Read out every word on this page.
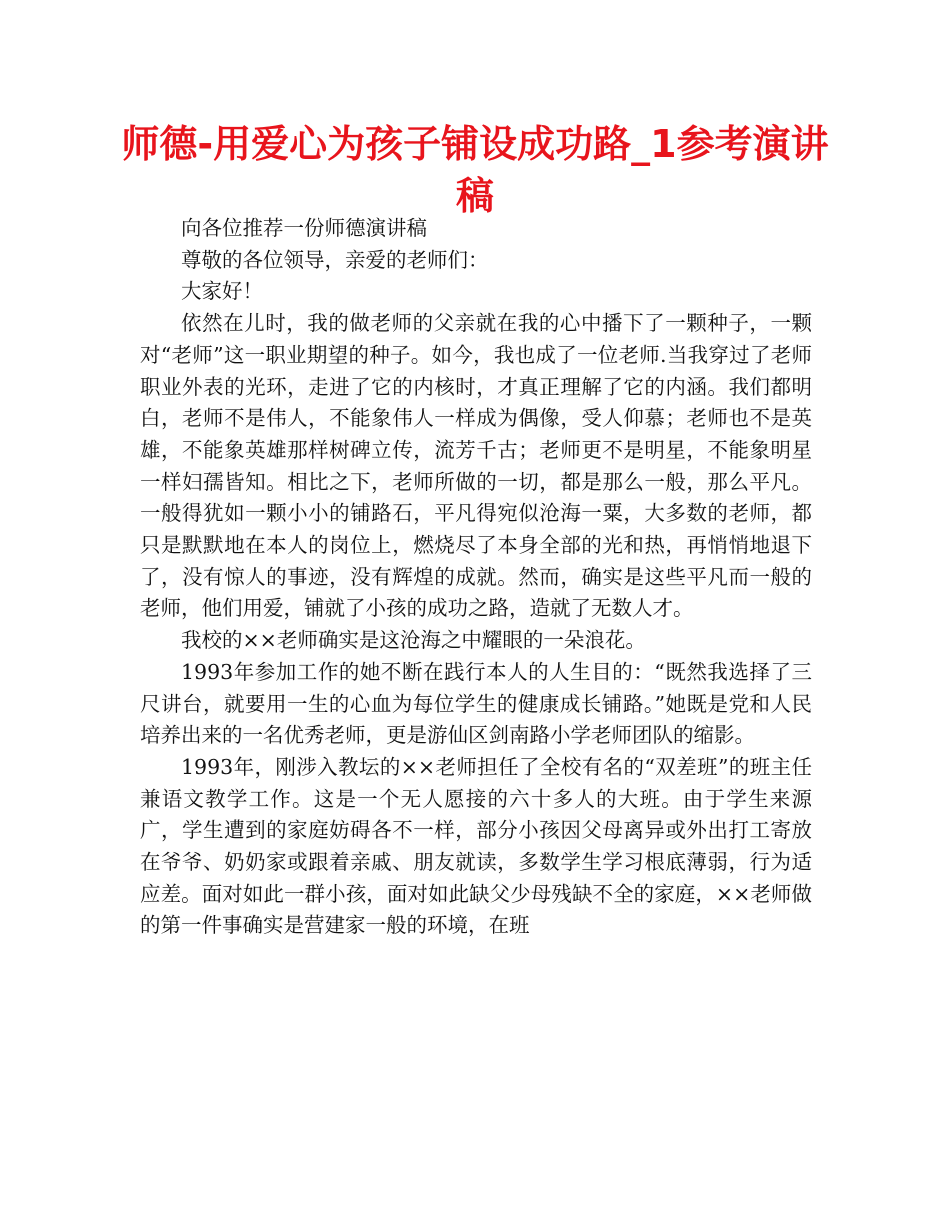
师德-用爱心为孩子铺设成功路_1参考演讲稿

向各位推荐一份师德演讲稿

尊敬的各位领导，亲爱的老师们：

大家好！

依然在儿时，我的做老师的父亲就在我的心中播下了一颗种子，一颗对“老师”这一职业期望的种子。如今，我也成了一位老师.当我穿过了老师职业外表的光环，走进了它的内核时，才真正理解了它的内涵。我们都明白，老师不是伟人，不能象伟人一样成为偶像，受人仰慕；老师也不是英雄，不能象英雄那样树碑立传，流芳千古；老师更不是明星，不能象明星一样妇孺皆知。相比之下，老师所做的一切，都是那么一般，那么平凡。一般得犹如一颗小小的铺路石，平凡得宛似沧海一粟，大多数的老师，都只是默默地在本人的岗位上，燃烧尽了本身全部的光和热，再悄悄地退下了，没有惊人的事迹，没有辉煌的成就。然而，确实是这些平凡而一般的老师，他们用爱，铺就了小孩的成功之路，造就了无数人才。

我校的××老师确实是这沧海之中耀眼的一朵浪花。

1993年参加工作的她不断在践行本人的人生目的：“既然我选择了三尺讲台，就要用一生的心血为每位学生的健康成长铺路。”她既是党和人民培养出来的一名优秀老师，更是游仙区剑南路小学老师团队的缩影。

1993年，刚涉入教坛的××老师担任了全校有名的“双差班”的班主任兼语文教学工作。这是一个无人愿接的六十多人的大班。由于学生来源广，学生遭到的家庭妨碍各不一样，部分小孩因父母离异或外出打工寄放在爷爷、奶奶家或跟着亲戚、朋友就读，多数学生学习根底薄弱，行为适应差。面对如此一群小孩，面对如此缺父少母残缺不全的家庭，××老师做的第一件事确实是营建家一般的环境，在班
